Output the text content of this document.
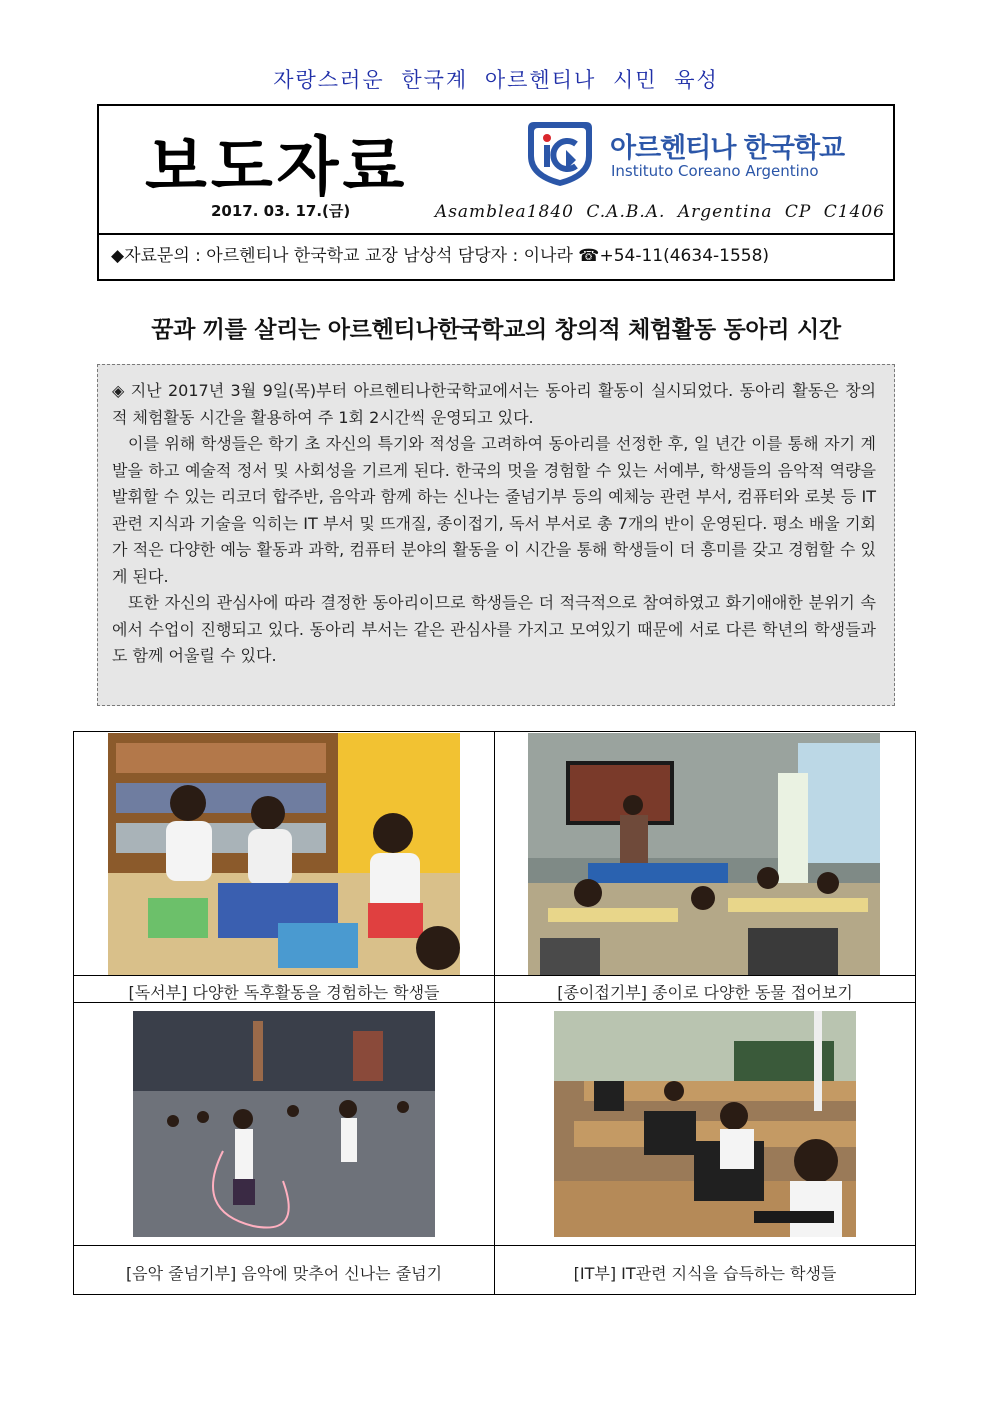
자랑스러운 한국계 아르헨티나 시민 육성
보도자료
2017. 03. 17.(금)
아르헨티나 한국학교
Instituto Coreano Argentino
Asamblea1840 C.A.B.A. Argentina CP C1406
◆자료문의 : 아르헨티나 한국학교 교장 남상석 담당자 : 이나라 ☎+54-11(4634-1558)
꿈과 끼를 살리는 아르헨티나한국학교의 창의적 체험활동 동아리 시간

◈ 지난 2017년 3월 9일(목)부터 아르헨티나한국학교에서는 동아리 활동이 실시되었다. 동아리 활동은 창의적 체험활동 시간을 활용하여 주 1회 2시간씩 운영되고 있다.

이를 위해 학생들은 학기 초 자신의 특기와 적성을 고려하여 동아리를 선정한 후, 일 년간 이를 통해 자기 계발을 하고 예술적 정서 및 사회성을 기르게 된다. 한국의 멋을 경험할 수 있는 서예부, 학생들의 음악적 역량을 발휘할 수 있는 리코더 합주반, 음악과 함께 하는 신나는 줄넘기부 등의 예체능 관련 부서, 컴퓨터와 로봇 등 IT 관련 지식과 기술을 익히는 IT 부서 및 뜨개질, 종이접기, 독서 부서로 총 7개의 반이 운영된다. 평소 배울 기회가 적은 다양한 예능 활동과 과학, 컴퓨터 분야의 활동을 이 시간을 통해 학생들이 더 흥미를 갖고 경험할 수 있게 된다.

또한 자신의 관심사에 따라 결정한 동아리이므로 학생들은 더 적극적으로 참여하였고 화기애애한 분위기 속에서 수업이 진행되고 있다. 동아리 부서는 같은 관심사를 가지고 모여있기 때문에 서로 다른 학년의 학생들과도 함께 어울릴 수 있다.

[독서부] 다양한 독후활동을 경험하는 학생들	[종이접기부] 종이로 다양한 동물 접어보기
[음악 줄넘기부] 음악에 맞추어 신나는 줄넘기	[IT부] IT관련 지식을 습득하는 학생들
